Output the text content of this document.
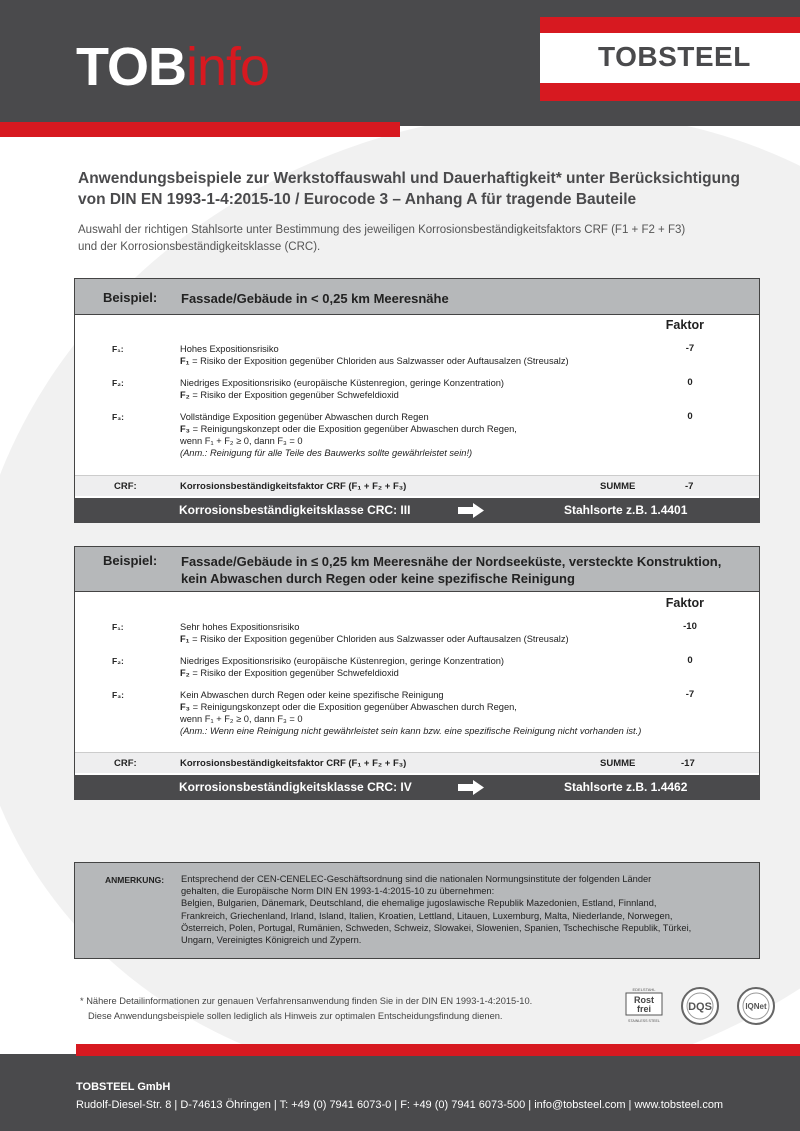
TOBinfo	TOBSTEEL
Anwendungsbeispiele zur Werkstoffauswahl und Dauerhaftigkeit* unter Berücksichtigung
von DIN EN 1993-1-4:2015-10 / Eurocode 3 – Anhang A für tragende Bauteile
Auswahl der richtigen Stahlsorte unter Bestimmung des jeweiligen Korrosionsbeständigkeitsfaktors CRF (F1 + F2 + F3)
und der Korrosionsbeständigkeitsklasse (CRC).
Beispiel: Fassade/Gebäude in < 0,25 km Meeresnähe
Faktor
F₁:	Hohes Expositionsrisiko
F₁ = Risiko der Exposition gegenüber Chloriden aus Salzwasser oder Auftausalzen (Streusalz)
-7
F₂:	Niedriges Expositionsrisiko (europäische Küstenregion, geringe Konzentration)
F₂ = Risiko der Exposition gegenüber Schwefeldioxid
0
F₃:	Vollständige Exposition gegenüber Abwaschen durch Regen
F₃ = Reinigungskonzept oder die Exposition gegenüber Abwaschen durch Regen,
wenn F₁ + F₂ ≥ 0, dann F₃ = 0
(Anm.: Reinigung für alle Teile des Bauwerks sollte gewährleistet sein!)
0
CRF:	Korrosionsbeständigkeitsfaktor CRF (F₁ + F₂ + F₃)	SUMME	-7
Korrosionsbeständigkeitsklasse CRC: III	Stahlsorte z.B. 1.4401
Beispiel: Fassade/Gebäude in ≤ 0,25 km Meeresnähe der Nordseeküste, versteckte Konstruktion,
kein Abwaschen durch Regen oder keine spezifische Reinigung
Faktor
F₁:	Sehr hohes Expositionsrisiko
F₁ = Risiko der Exposition gegenüber Chloriden aus Salzwasser oder Auftausalzen (Streusalz)
-10
F₂:	Niedriges Expositionsrisiko (europäische Küstenregion, geringe Konzentration)
F₂ = Risiko der Exposition gegenüber Schwefeldioxid
0
F₃:	Kein Abwaschen durch Regen oder keine spezifische Reinigung
F₃ = Reinigungskonzept oder die Exposition gegenüber Abwaschen durch Regen,
wenn F₁ + F₂ ≥ 0, dann F₃ = 0
(Anm.: Wenn eine Reinigung nicht gewährleistet sein kann bzw. eine spezifische Reinigung nicht vorhanden ist.)
-7
CRF:	Korrosionsbeständigkeitsfaktor CRF (F₁ + F₂ + F₃)	SUMME	-17
Korrosionsbeständigkeitsklasse CRC: IV	Stahlsorte z.B. 1.4462
ANMERKUNG: Entsprechend der CEN-CENELEC-Geschäftsordnung sind die nationalen Normungsinstitute der folgenden Länder
gehalten, die Europäische Norm DIN EN 1993-1-4:2015-10 zu übernehmen:
Belgien, Bulgarien, Dänemark, Deutschland, die ehemalige jugoslawische Republik Mazedonien, Estland, Finnland,
Frankreich, Griechenland, Irland, Island, Italien, Kroatien, Lettland, Litauen, Luxemburg, Malta, Niederlande, Norwegen,
Österreich, Polen, Portugal, Rumänien, Schweden, Schweiz, Slowakei, Slowenien, Spanien, Tschechische Republik, Türkei,
Ungarn, Vereinigtes Königreich und Zypern.
* Nähere Detailinformationen zur genauen Verfahrensanwendung finden Sie in der DIN EN 1993-1-4:2015-10.
Diese Anwendungsbeispiele sollen lediglich als Hinweis zur optimalen Entscheidungsfindung dienen.
EDELSTAHL
Rost
frei
STAINLESS STEEL
DQS	IQNet
TOBSTEEL GmbH
Rudolf-Diesel-Str. 8 | D-74613 Öhringen | T: +49 (0) 7941 6073-0 | F: +49 (0) 7941 6073-500 | info@tobsteel.com | www.tobsteel.com
